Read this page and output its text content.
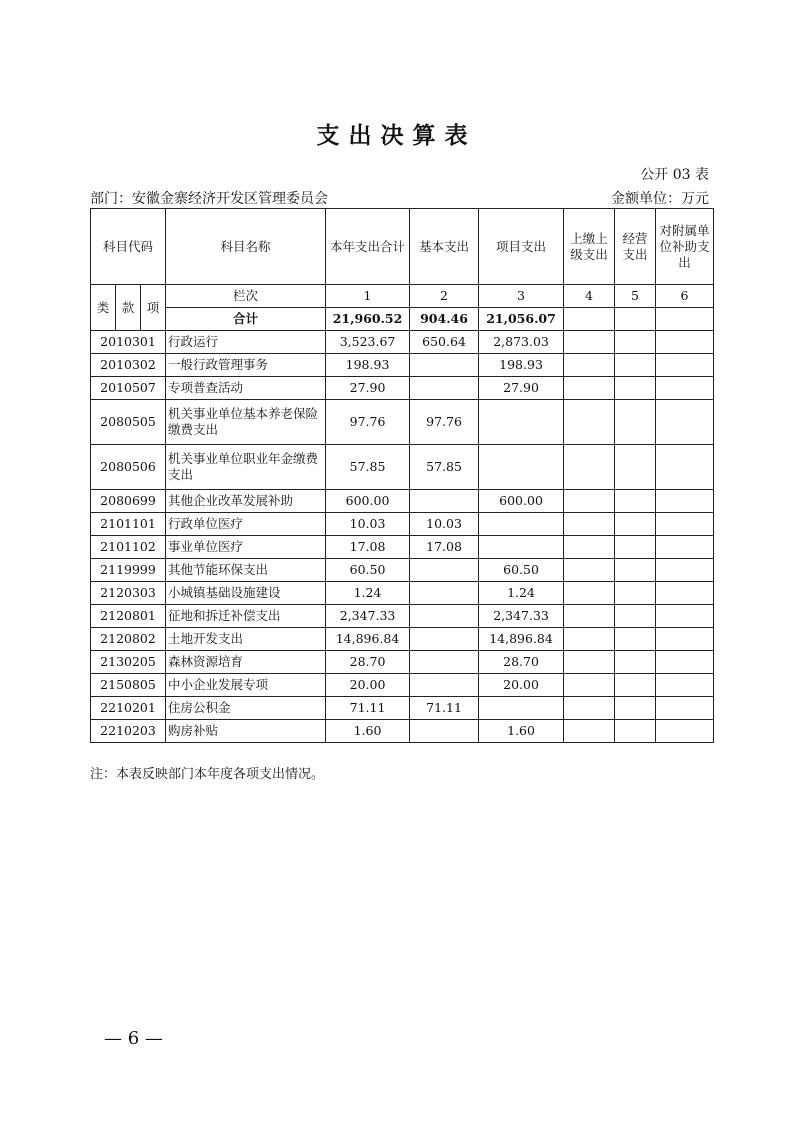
支出决算表
公开 03 表
部门：安徽金寨经济开发区管理委员会	金额单位：万元
科目代码			科目名称	本年支出合计	基本支出	项目支出	上缴上级支出	经营支出	对附属单位补助支出
类	款	项	栏次	1	2	3	4	5	6
			合计	21,960.52	904.46	21,056.07			
2010301			行政运行	3,523.67	650.64	2,873.03			
2010302			一般行政管理事务	198.93		198.93			
2010507			专项普查活动	27.90		27.90			
2080505			机关事业单位基本养老保险缴费支出	97.76	97.76				
2080506			机关事业单位职业年金缴费支出	57.85	57.85				
2080699			其他企业改革发展补助	600.00		600.00			
2101101			行政单位医疗	10.03	10.03				
2101102			事业单位医疗	17.08	17.08				
2119999			其他节能环保支出	60.50		60.50			
2120303			小城镇基础设施建设	1.24		1.24			
2120801			征地和拆迁补偿支出	2,347.33		2,347.33			
2120802			土地开发支出	14,896.84		14,896.84			
2130205			森林资源培育	28.70		28.70			
2150805			中小企业发展专项	20.00		20.00			
2210201			住房公积金	71.11	71.11				
2210203			购房补贴	1.60		1.60			
注：本表反映部门本年度各项支出情况。
— 6 —
